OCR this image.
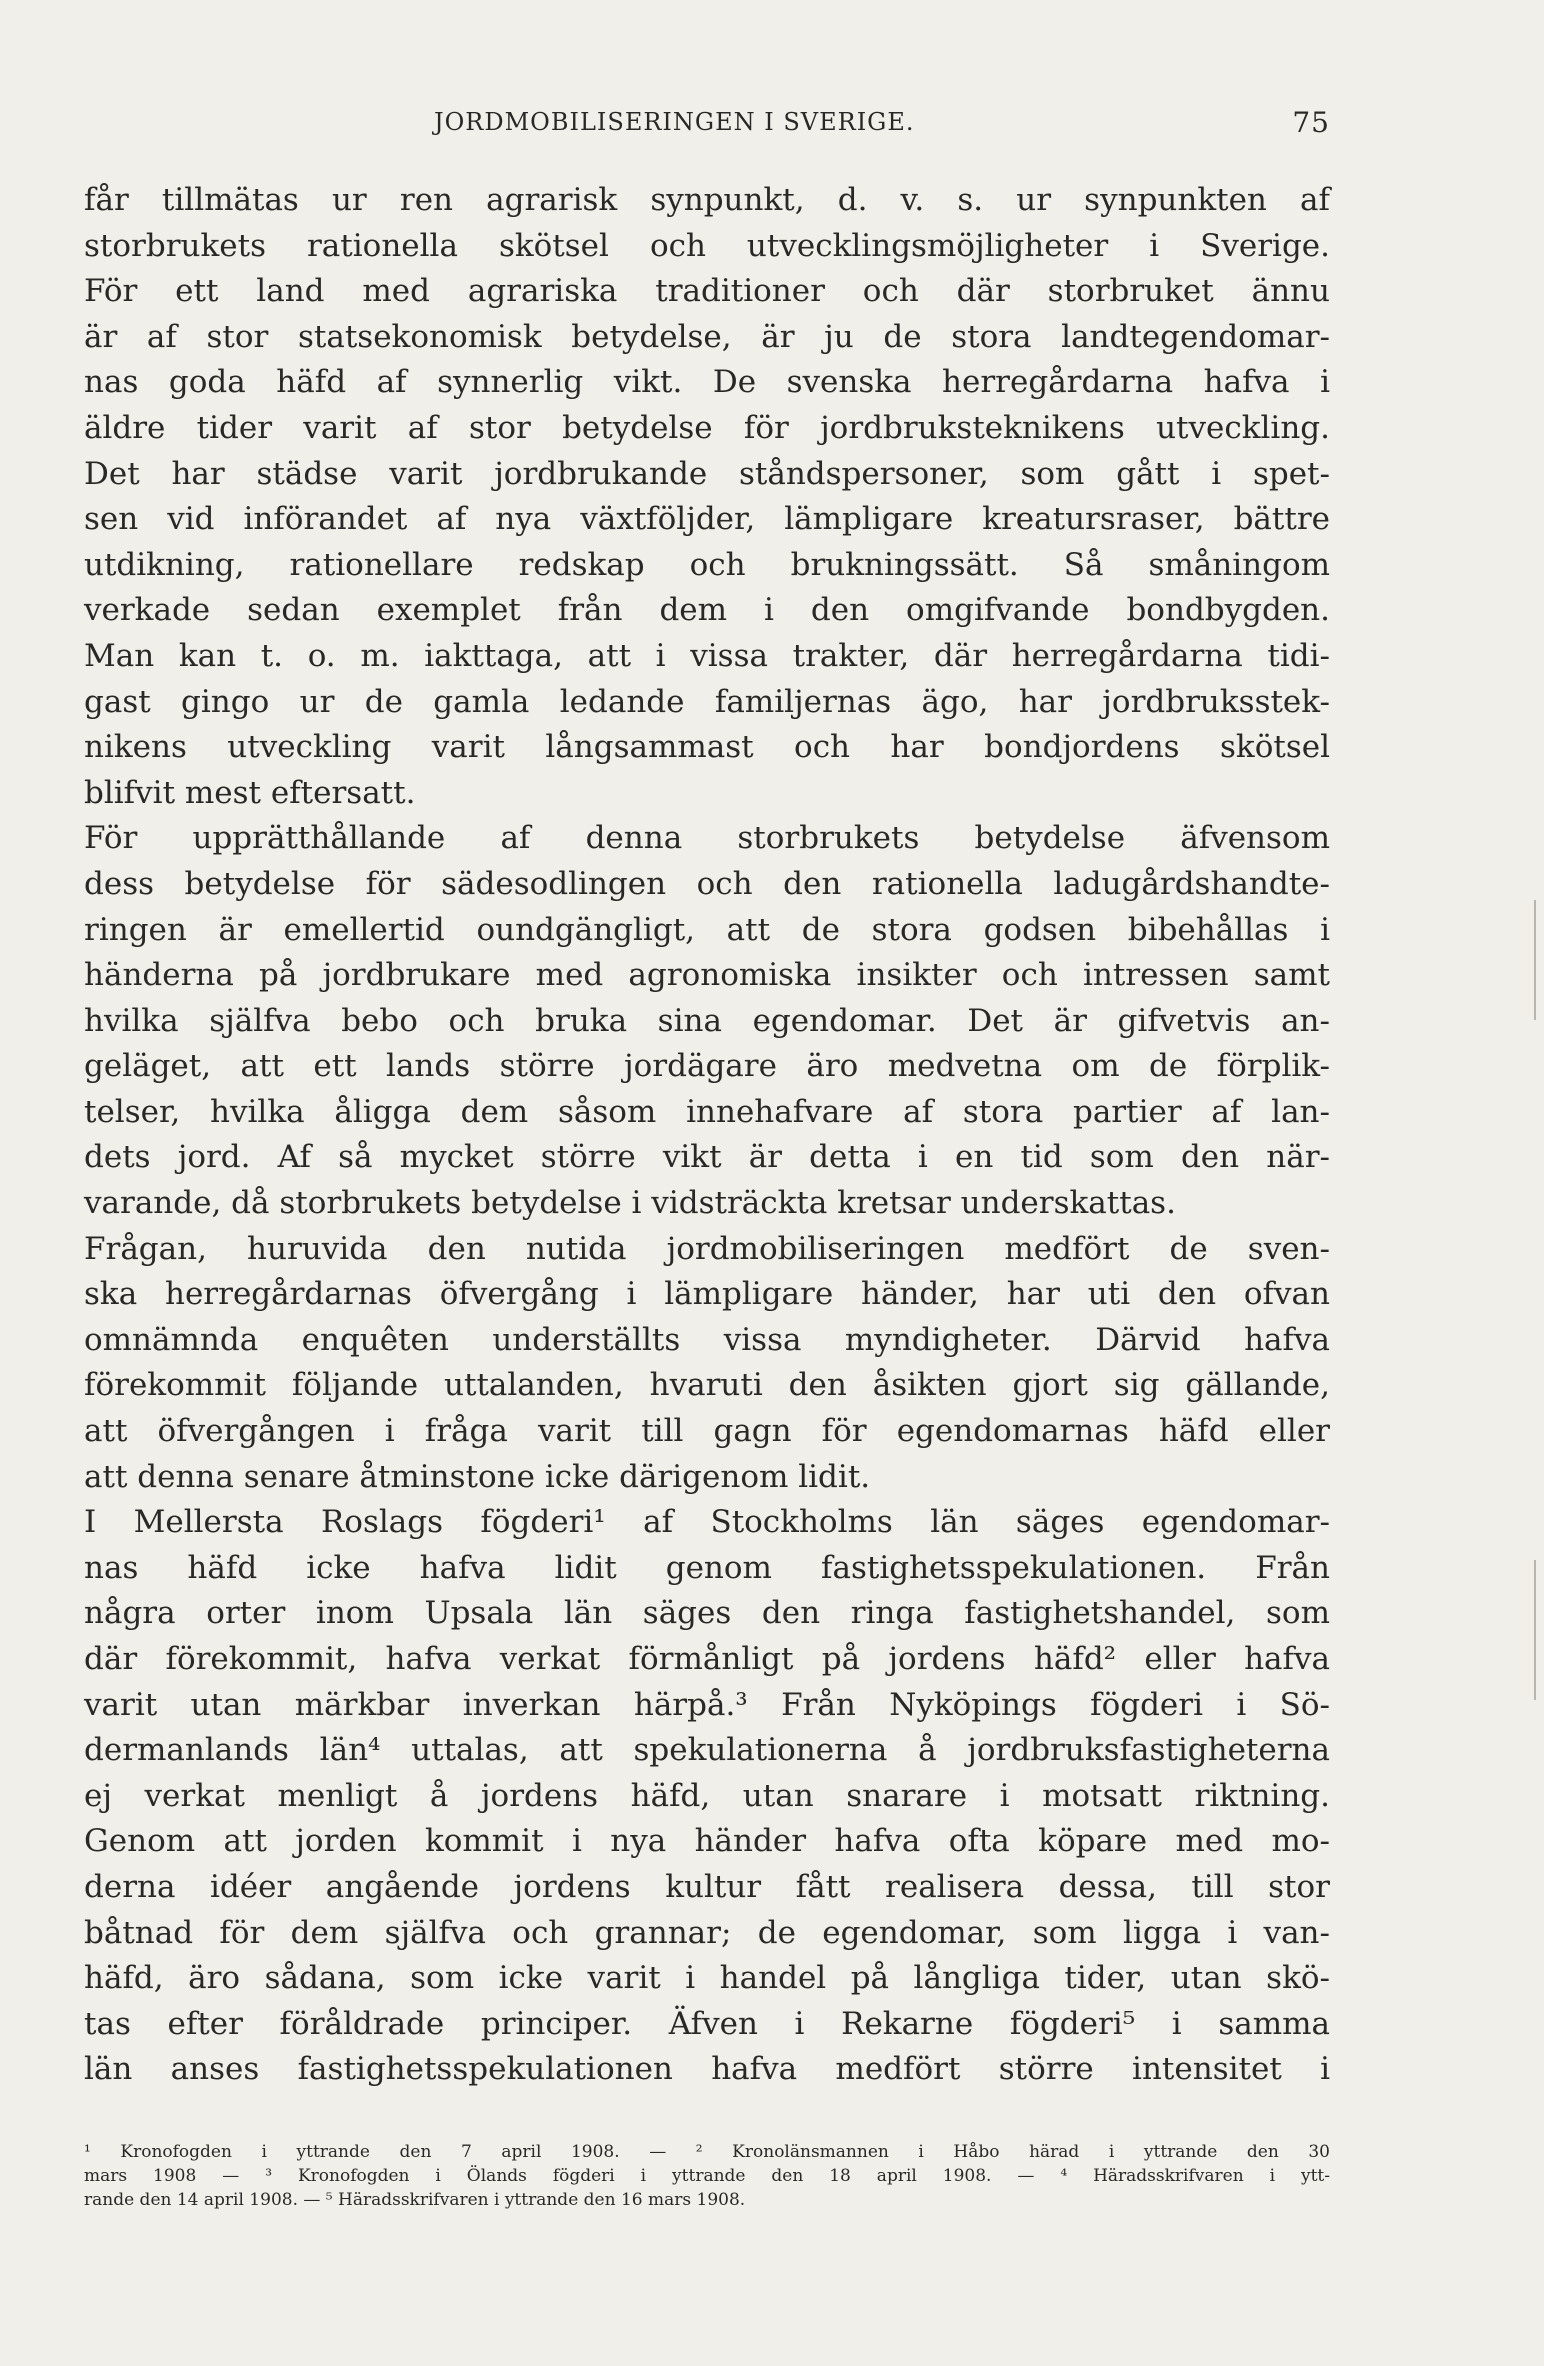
JORDMOBILISERINGEN I SVERIGE.	75
får tillmätas ur ren agrarisk synpunkt, d. v. s. ur synpunkten af
storbrukets rationella skötsel och utvecklingsmöjligheter i Sverige.
För ett land med agrariska traditioner och där storbruket ännu
är af stor statsekonomisk betydelse, är ju de stora landtegendomar-
nas goda häfd af synnerlig vikt. De svenska herregårdarna hafva i
äldre tider varit af stor betydelse för jordbruksteknikens utveckling.
Det har städse varit jordbrukande ståndspersoner, som gått i spet-
sen vid införandet af nya växtföljder, lämpligare kreatursraser, bättre
utdikning, rationellare redskap och brukningssätt. Så småningom
verkade sedan exemplet från dem i den omgifvande bondbygden.
Man kan t. o. m. iakttaga, att i vissa trakter, där herregårdarna tidi-
gast gingo ur de gamla ledande familjernas ägo, har jordbruksstek-
nikens utveckling varit långsammast och har bondjordens skötsel
blifvit mest eftersatt.
För upprätthållande af denna storbrukets betydelse äfvensom
dess betydelse för sädesodlingen och den rationella ladugårdshandte-
ringen är emellertid oundgängligt, att de stora godsen bibehållas i
händerna på jordbrukare med agronomiska insikter och intressen samt
hvilka själfva bebo och bruka sina egendomar. Det är gifvetvis an-
geläget, att ett lands större jordägare äro medvetna om de förplik-
telser, hvilka åligga dem såsom innehafvare af stora partier af lan-
dets jord. Af så mycket större vikt är detta i en tid som den när-
varande, då storbrukets betydelse i vidsträckta kretsar underskattas.
Frågan, huruvida den nutida jordmobiliseringen medfört de sven-
ska herregårdarnas öfvergång i lämpligare händer, har uti den ofvan
omnämnda enquêten underställts vissa myndigheter. Därvid hafva
förekommit följande uttalanden, hvaruti den åsikten gjort sig gällande,
att öfvergången i fråga varit till gagn för egendomarnas häfd eller
att denna senare åtminstone icke därigenom lidit.
I Mellersta Roslags fögderi¹ af Stockholms län säges egendomar-
nas häfd icke hafva lidit genom fastighetsspekulationen. Från
några orter inom Upsala län säges den ringa fastighetshandel, som
där förekommit, hafva verkat förmånligt på jordens häfd² eller hafva
varit utan märkbar inverkan härpå.³ Från Nyköpings fögderi i Sö-
dermanlands län⁴ uttalas, att spekulationerna å jordbruksfastigheterna
ej verkat menligt å jordens häfd, utan snarare i motsatt riktning.
Genom att jorden kommit i nya händer hafva ofta köpare med mo-
derna idéer angående jordens kultur fått realisera dessa, till stor
båtnad för dem själfva och grannar; de egendomar, som ligga i van-
häfd, äro sådana, som icke varit i handel på långliga tider, utan skö-
tas efter föråldrade principer. Äfven i Rekarne fögderi⁵ i samma
län anses fastighetsspekulationen hafva medfört större intensitet i
¹ Kronofogden i yttrande den 7 april 1908. — ² Kronolänsmannen i Håbo härad i yttrande den 30
mars 1908 — ³ Kronofogden i Ölands fögderi i yttrande den 18 april 1908. — ⁴ Häradsskrifvaren i ytt-
rande den 14 april 1908. — ⁵ Häradsskrifvaren i yttrande den 16 mars 1908.
